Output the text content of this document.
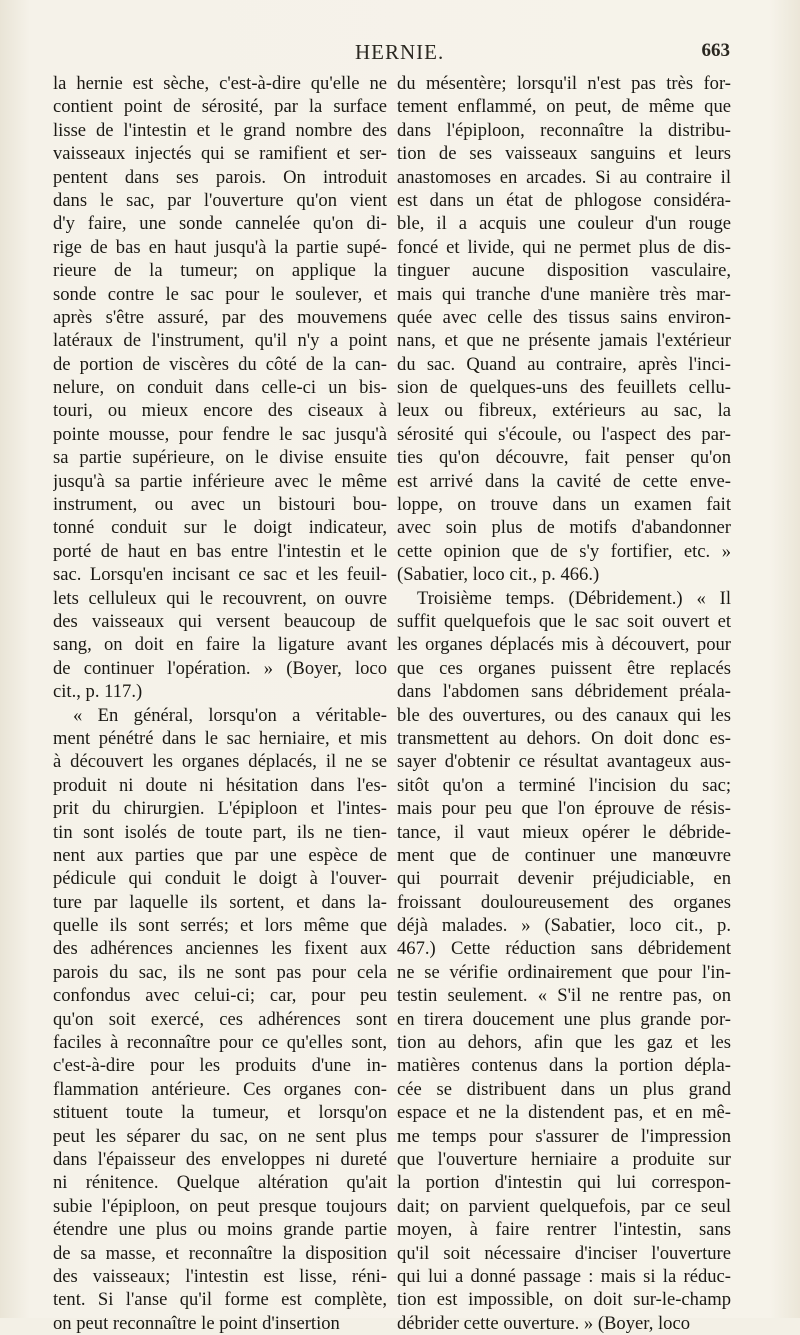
HERNIE.	663
la hernie est sèche, c'est-à-dire qu'elle ne
contient point de sérosité, par la surface
lisse de l'intestin et le grand nombre des
vaisseaux injectés qui se ramifient et ser-
pentent dans ses parois. On introduit
dans le sac, par l'ouverture qu'on vient
d'y faire, une sonde cannelée qu'on di-
rige de bas en haut jusqu'à la partie supé-
rieure de la tumeur; on applique la
sonde contre le sac pour le soulever, et
après s'être assuré, par des mouvemens
latéraux de l'instrument, qu'il n'y a point
de portion de viscères du côté de la can-
nelure, on conduit dans celle-ci un bis-
touri, ou mieux encore des ciseaux à
pointe mousse, pour fendre le sac jusqu'à
sa partie supérieure, on le divise ensuite
jusqu'à sa partie inférieure avec le même
instrument, ou avec un bistouri bou-
tonné conduit sur le doigt indicateur,
porté de haut en bas entre l'intestin et le
sac. Lorsqu'en incisant ce sac et les feuil-
lets celluleux qui le recouvrent, on ouvre
des vaisseaux qui versent beaucoup de
sang, on doit en faire la ligature avant
de continuer l'opération. » (Boyer, loco
cit., p. 117.)
« En général, lorsqu'on a véritable-
ment pénétré dans le sac herniaire, et mis
à découvert les organes déplacés, il ne se
produit ni doute ni hésitation dans l'es-
prit du chirurgien. L'épiploon et l'intes-
tin sont isolés de toute part, ils ne tien-
nent aux parties que par une espèce de
pédicule qui conduit le doigt à l'ouver-
ture par laquelle ils sortent, et dans la-
quelle ils sont serrés; et lors même que
des adhérences anciennes les fixent aux
parois du sac, ils ne sont pas pour cela
confondus avec celui-ci; car, pour peu
qu'on soit exercé, ces adhérences sont
faciles à reconnaître pour ce qu'elles sont,
c'est-à-dire pour les produits d'une in-
flammation antérieure. Ces organes con-
stituent toute la tumeur, et lorsqu'on
peut les séparer du sac, on ne sent plus
dans l'épaisseur des enveloppes ni dureté
ni rénitence. Quelque altération qu'ait
subie l'épiploon, on peut presque toujours
étendre une plus ou moins grande partie
de sa masse, et reconnaître la disposition
des vaisseaux; l'intestin est lisse, réni-
tent. Si l'anse qu'il forme est complète,
on peut reconnaître le point d'insertion
du mésentère; lorsqu'il n'est pas très for-
tement enflammé, on peut, de même que
dans l'épiploon, reconnaître la distribu-
tion de ses vaisseaux sanguins et leurs
anastomoses en arcades. Si au contraire il
est dans un état de phlogose considéra-
ble, il a acquis une couleur d'un rouge
foncé et livide, qui ne permet plus de dis-
tinguer aucune disposition vasculaire,
mais qui tranche d'une manière très mar-
quée avec celle des tissus sains environ-
nans, et que ne présente jamais l'extérieur
du sac. Quand au contraire, après l'inci-
sion de quelques-uns des feuillets cellu-
leux ou fibreux, extérieurs au sac, la
sérosité qui s'écoule, ou l'aspect des par-
ties qu'on découvre, fait penser qu'on
est arrivé dans la cavité de cette enve-
loppe, on trouve dans un examen fait
avec soin plus de motifs d'abandonner
cette opinion que de s'y fortifier, etc. »
(Sabatier, loco cit., p. 466.)
Troisième temps. (Débridement.) « Il
suffit quelquefois que le sac soit ouvert et
les organes déplacés mis à découvert, pour
que ces organes puissent être replacés
dans l'abdomen sans débridement préala-
ble des ouvertures, ou des canaux qui les
transmettent au dehors. On doit donc es-
sayer d'obtenir ce résultat avantageux aus-
sitôt qu'on a terminé l'incision du sac;
mais pour peu que l'on éprouve de résis-
tance, il vaut mieux opérer le débride-
ment que de continuer une manœuvre
qui pourrait devenir préjudiciable, en
froissant douloureusement des organes
déjà malades. » (Sabatier, loco cit., p.
467.) Cette réduction sans débridement
ne se vérifie ordinairement que pour l'in-
testin seulement. « S'il ne rentre pas, on
en tirera doucement une plus grande por-
tion au dehors, afin que les gaz et les
matières contenus dans la portion dépla-
cée se distribuent dans un plus grand
espace et ne la distendent pas, et en mê-
me temps pour s'assurer de l'impression
que l'ouverture herniaire a produite sur
la portion d'intestin qui lui correspon-
dait; on parvient quelquefois, par ce seul
moyen, à faire rentrer l'intestin, sans
qu'il soit nécessaire d'inciser l'ouverture
qui lui a donné passage : mais si la réduc-
tion est impossible, on doit sur-le-champ
débrider cette ouverture. » (Boyer, loco
